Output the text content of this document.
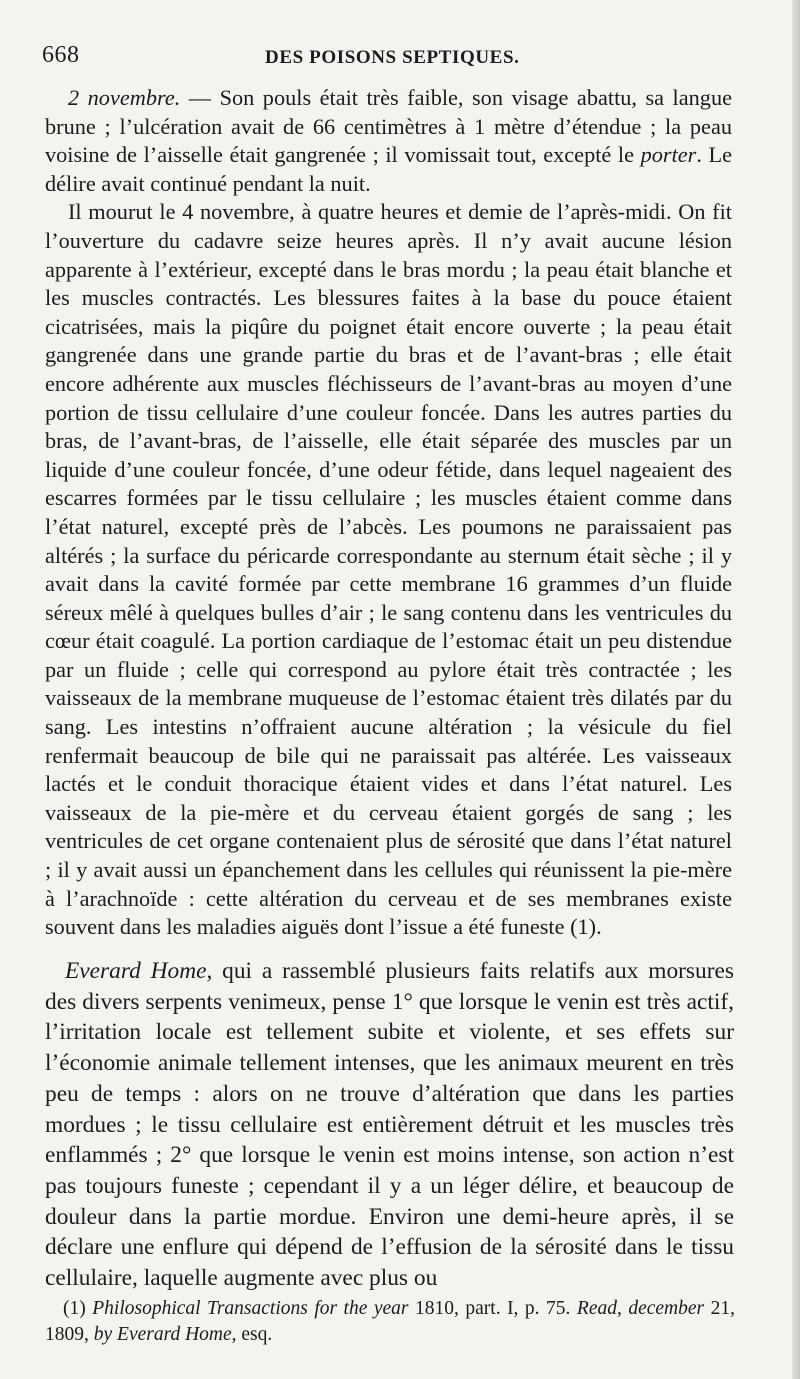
668	DES POISONS SEPTIQUES.

2 novembre. — Son pouls était très faible, son visage abattu, sa langue brune ; l’ulcération avait de 66 centimètres à 1 mètre d’étendue ; la peau voisine de l’aisselle était gangrenée ; il vomissait tout, excepté le porter. Le délire avait continué pendant la nuit.

Il mourut le 4 novembre, à quatre heures et demie de l’après-midi. On fit l’ouverture du cadavre seize heures après. Il n’y avait aucune lésion apparente à l’extérieur, excepté dans le bras mordu ; la peau était blanche et les muscles contractés. Les blessures faites à la base du pouce étaient cicatrisées, mais la piqûre du poignet était encore ouverte ; la peau était gangrenée dans une grande partie du bras et de l’avant-bras ; elle était encore adhérente aux muscles fléchisseurs de l’avant-bras au moyen d’une portion de tissu cellulaire d’une couleur foncée. Dans les autres parties du bras, de l’avant-bras, de l’aisselle, elle était séparée des muscles par un liquide d’une couleur foncée, d’une odeur fétide, dans lequel nageaient des escarres formées par le tissu cellulaire ; les muscles étaient comme dans l’état naturel, excepté près de l’abcès. Les poumons ne paraissaient pas altérés ; la surface du péricarde correspondante au sternum était sèche ; il y avait dans la cavité formée par cette membrane 16 grammes d’un fluide séreux mêlé à quelques bulles d’air ; le sang contenu dans les ventricules du cœur était coagulé. La portion cardiaque de l’estomac était un peu distendue par un fluide ; celle qui correspond au pylore était très contractée ; les vaisseaux de la membrane muqueuse de l’estomac étaient très dilatés par du sang. Les intestins n’offraient aucune altération ; la vésicule du fiel renfermait beaucoup de bile qui ne paraissait pas altérée. Les vaisseaux lactés et le conduit thoracique étaient vides et dans l’état naturel. Les vaisseaux de la pie-mère et du cerveau étaient gorgés de sang ; les ventricules de cet organe contenaient plus de sérosité que dans l’état naturel ; il y avait aussi un épanchement dans les cellules qui réunissent la pie-mère à l’arachnoïde : cette altération du cerveau et de ses membranes existe souvent dans les maladies aiguës dont l’issue a été funeste (1).

Everard Home, qui a rassemblé plusieurs faits relatifs aux morsures des divers serpents venimeux, pense 1° que lorsque le venin est très actif, l’irritation locale est tellement subite et violente, et ses effets sur l’économie animale tellement intenses, que les animaux meurent en très peu de temps : alors on ne trouve d’altération que dans les parties mordues ; le tissu cellulaire est entièrement détruit et les muscles très enflammés ; 2° que lorsque le venin est moins intense, son action n’est pas toujours funeste ; cependant il y a un léger délire, et beaucoup de douleur dans la partie mordue. Environ une demi-heure après, il se déclare une enflure qui dépend de l’effusion de la sérosité dans le tissu cellulaire, laquelle augmente avec plus ou

(1) Philosophical Transactions for the year 1810, part. I, p. 75. Read, december 21, 1809, by Everard Home, esq.
